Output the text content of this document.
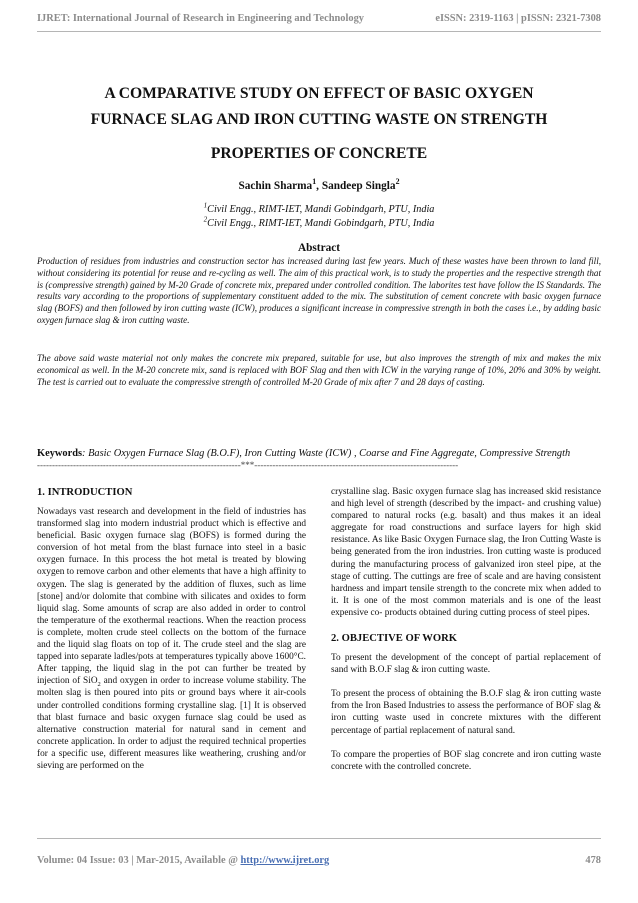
IJRET: International Journal of Research in Engineering and Technology	eISSN: 2319-1163 | pISSN: 2321-7308
A COMPARATIVE STUDY ON EFFECT OF BASIC OXYGEN
FURNACE SLAG AND IRON CUTTING WASTE ON STRENGTH
PROPERTIES OF CONCRETE
Sachin Sharma$^1$, Sandeep Singla$^2$
$^1$Civil Engg., RIMT-IET, Mandi Gobindgarh, PTU, India
$^2$Civil Engg., RIMT-IET, Mandi Gobindgarh, PTU, India
Abstract

Production of residues from industries and construction sector has increased during last few years. Much of these wastes have been thrown to land fill, without considering its potential for reuse and re-cycling as well. The aim of this practical work, is to study the properties and the respective strength that is (compressive strength) gained by M-20 Grade of concrete mix, prepared under controlled condition. The laborites test have follow the IS Standards. The results vary according to the proportions of supplementary constituent added to the mix. The substitution of cement concrete with basic oxygen furnace slag (BOFS) and then followed by iron cutting waste (ICW), produces a significant increase in compressive strength in both the cases i.e., by adding basic oxygen furnace slag & iron cutting waste.

The above said waste material not only makes the concrete mix prepared, suitable for use, but also improves the strength of mix and makes the mix economical as well. In the M-20 concrete mix, sand is replaced with BOF Slag and then with ICW in the varying range of 10%, 20% and 30% by weight. The test is carried out to evaluate the compressive strength of controlled M-20 Grade of mix after 7 and 28 days of casting.

Keywords: Basic Oxygen Furnace Slag (B.O.F), Iron Cutting Waste (ICW) , Coarse and Fine Aggregate, Compressive Strength

--------------------------------------------------------------------***--------------------------------------------------------------------
1. INTRODUCTION

Nowadays vast research and development in the field of industries has transformed slag into modern industrial product which is effective and beneficial. Basic oxygen furnace slag (BOFS) is formed during the conversion of hot metal from the blast furnace into steel in a basic oxygen furnace. In this process the hot metal is treated by blowing oxygen to remove carbon and other elements that have a high affinity to oxygen. The slag is generated by the addition of fluxes, such as lime [stone] and/or dolomite that combine with silicates and oxides to form liquid slag. Some amounts of scrap are also added in order to control the temperature of the exothermal reactions. When the reaction process is complete, molten crude steel collects on the bottom of the furnace and the liquid slag floats on top of it. The crude steel and the slag are tapped into separate ladles/pots at temperatures typically above 1600°C. After tapping, the liquid slag in the pot can further be treated by injection of SiO$_2$ and oxygen in order to increase volume stability. The molten slag is then poured into pits or ground bays where it air-cools under controlled conditions forming crystalline slag. [1] It is observed that blast furnace and basic oxygen furnace slag could be used as alternative construction material for natural sand in cement and concrete application. In order to adjust the required technical properties for a specific use, different measures like weathering, crushing and/or sieving are performed on the

crystalline slag. Basic oxygen furnace slag has increased skid resistance and high level of strength (described by the impact- and crushing value) compared to natural rocks (e.g. basalt) and thus makes it an ideal aggregate for road constructions and surface layers for high skid resistance. As like Basic Oxygen Furnace slag, the Iron Cutting Waste is being generated from the iron industries. Iron cutting waste is produced during the manufacturing process of galvanized iron steel pipe, at the stage of cutting. The cuttings are free of scale and are having consistent hardness and impart tensile strength to the concrete mix when added to it. It is one of the most common materials and is one of the least expensive co- products obtained during cutting process of steel pipes.

2. OBJECTIVE OF WORK

To present the development of the concept of partial replacement of sand with B.O.F slag & iron cutting waste.

To present the process of obtaining the B.O.F slag & iron cutting waste from the Iron Based Industries to assess the performance of BOF slag & iron cutting waste used in concrete mixtures with the different percentage of partial replacement of natural sand.

To compare the properties of BOF slag concrete and iron cutting waste concrete with the controlled concrete.

Volume: 04 Issue: 03 | Mar-2015, Available @ http://www.ijret.org	478
